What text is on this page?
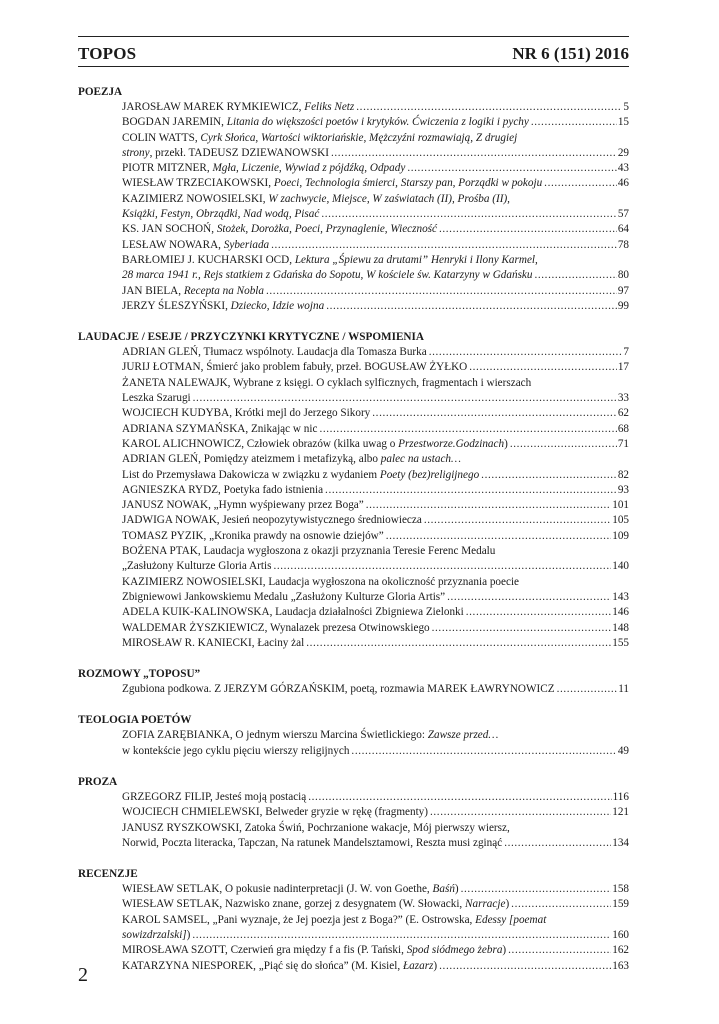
TOPOS	NR 6 (151) 2016
POEZJA
JAROSŁAW MAREK RYMKIEWICZ, Feliks Netz .....	5
BOGDAN JAREMIN, Litania do większości poetów i krytyków. Ćwiczenia z logiki i pychy .....	15
COLIN WATTS, Cyrk Słońca, Wartości wiktoriańskie, Mężczyźni rozmawiają, Z drugiej
strony, przekł. TADEUSZ DZIEWANOWSKI .....	29
PIOTR MITZNER, Mgła, Liczenie, Wywiad z pójdźką, Odpady .....	43
WIESŁAW TRZECIAKOWSKI, Poeci, Technologia śmierci, Starszy pan, Porządki w pokoju .....	46
KAZIMIERZ NOWOSIELSKI, W zachwycie, Miejsce, W zaświatach (II), Prośba (II),
Książki, Festyn, Obrządki, Nad wodą, Pisać .....	57
KS. JAN SOCHOŃ, Stożek, Dorożka, Poeci, Przynaglenie, Wieczność .....	64
LESŁAW NOWARA, Syberiada .....	78
BARŁOMIEJ J. KUCHARSKI OCD, Lektura „Śpiewu za drutami” Henryki i Ilony Karmel,
28 marca 1941 r., Rejs statkiem z Gdańska do Sopotu, W kościele św. Katarzyny w Gdańsku .....	80
JAN BIELA, Recepta na Nobla .....	97
JERZY ŚLESZYŃSKI, Dziecko, Idzie wojna .....	99
LAUDACJE / ESEJE / PRZYCZYNKI KRYTYCZNE / WSPOMIENIA
ADRIAN GLEŃ, Tłumacz wspólnoty. Laudacja dla Tomasza Burka .....	7
JURIJ ŁOTMAN, Śmierć jako problem fabuły, przeł. BOGUSŁAW ŻYŁKO .....	17
ŻANETA NALEWAJK, Wybrane z księgi. O cyklach sylficznych, fragmentach i wierszach
Leszka Szarugi .....	33
WOJCIECH KUDYBA, Krótki mejl do Jerzego Sikory .....	62
ADRIANA SZYMAŃSKA, Znikając w nic .....	68
KAROL ALICHNOWICZ, Człowiek obrazów (kilka uwag o Przestworze.Godzinach) .....	71
ADRIAN GLEŃ, Pomiędzy ateizmem i metafizyką, albo palec na ustach…
List do Przemysława Dakowicza w związku z wydaniem Poety (bez)religijnego .....	82
AGNIESZKA RYDZ, Poetyka fado istnienia .....	93
JANUSZ NOWAK, „Hymn wyśpiewany przez Boga” .....	101
JADWIGA NOWAK, Jesień neopozytywistycznego średniowiecza .....	105
TOMASZ PYZIK, „Kronika prawdy na osnowie dziejów” .....	109
BOŻENA PTAK, Laudacja wygłoszona z okazji przyznania Teresie Ferenc Medalu
„Zasłużony Kulturze Gloria Artis .....	140
KAZIMIERZ NOWOSIELSKI, Laudacja wygłoszona na okoliczność przyznania poecie
Zbigniewowi Jankowskiemu Medalu „Zasłużony Kulturze Gloria Artis” .....	143
ADELA KUIK-KALINOWSKA, Laudacja działalności Zbigniewa Zielonki .....	146
WALDEMAR ŻYSZKIEWICZ, Wynalazek prezesa Otwinowskiego .....	148
MIROSŁAW R. KANIECKI, Łaciny żal .....	155
ROZMOWY „TOPOSU”
Zgubiona podkowa. Z JERZYM GÓRZAŃSKIM, poetą, rozmawia MAREK ŁAWRYNOWICZ .....	11
TEOLOGIA POETÓW
ZOFIA ZARĘBIANKA, O jednym wierszu Marcina Świetlickiego: Zawsze przed…
w kontekście jego cyklu pięciu wierszy religijnych .....	49
PROZA
GRZEGORZ FILIP, Jesteś moją postacią .....	116
WOJCIECH CHMIELEWSKI, Belweder gryzie w rękę (fragmenty) .....	121
JANUSZ RYSZKOWSKI, Zatoka Świń, Pochrzanione wakacje, Mój pierwszy wiersz,
Norwid, Poczta literacka, Tapczan, Na ratunek Mandelsztamowi, Reszta musi zginąć .....	134
RECENZJE
WIESŁAW SETLAK, O pokusie nadinterpretacji (J. W. von Goethe, Baśń) .....	158
WIESŁAW SETLAK, Nazwisko znane, gorzej z desygnatem (W. Słowacki, Narracje) .....	159
KAROL SAMSEL, „Pani wyznaje, że Jej poezja jest z Boga?” (E. Ostrowska, Edessy [poemat
sowizdrzalski]) .....	160
MIROSŁAWA SZOTT, Czerwień gra między f a fis (P. Tański, Spod siódmego żebra) .....	162
KATARZYNA NIESPOREK, „Piąć się do słońca” (M. Kisiel, Łazarz) .....	163
2
